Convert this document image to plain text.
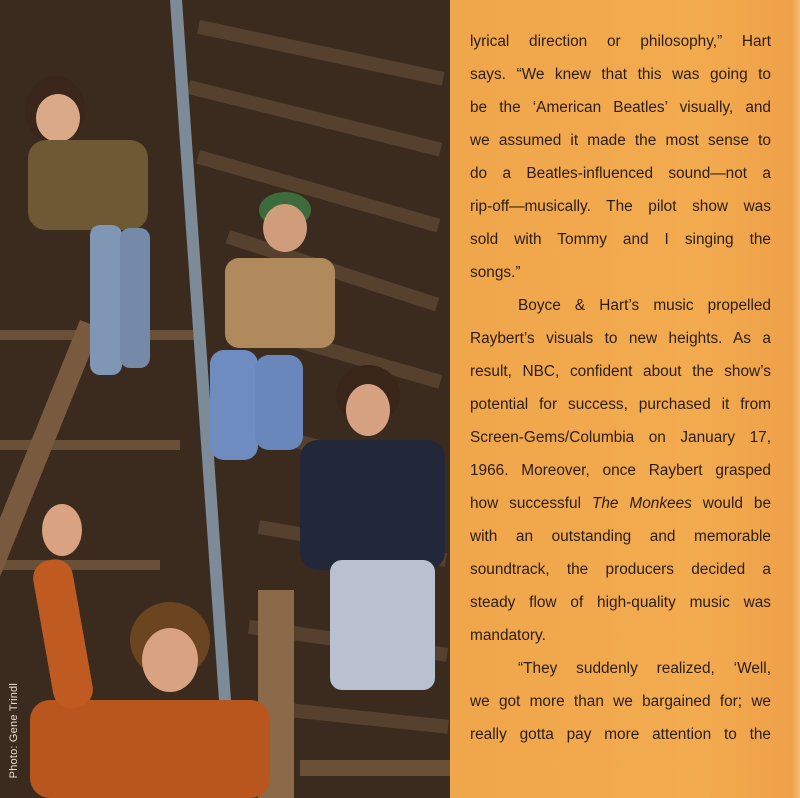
Photo: Gene Trindl
lyrical direction or philosophy,” Hart
says. “We knew that this was going to
be the ‘American Beatles’ visually, and
we assumed it made the most sense to
do a Beatles-influenced sound—not a
rip-off—musically. The pilot show was
sold with Tommy and I singing the
songs.”
Boyce & Hart’s music propelled
Raybert’s visuals to new heights. As a
result, NBC, confident about the show’s
potential for success, purchased it from
Screen-Gems/Columbia on January 17,
1966. Moreover, once Raybert grasped
how successful The Monkees would be
with an outstanding and memorable
soundtrack, the producers decided a
steady flow of high-quality music was
mandatory.
“They suddenly realized, ‘Well,
we got more than we bargained for; we
really gotta pay more attention to the
